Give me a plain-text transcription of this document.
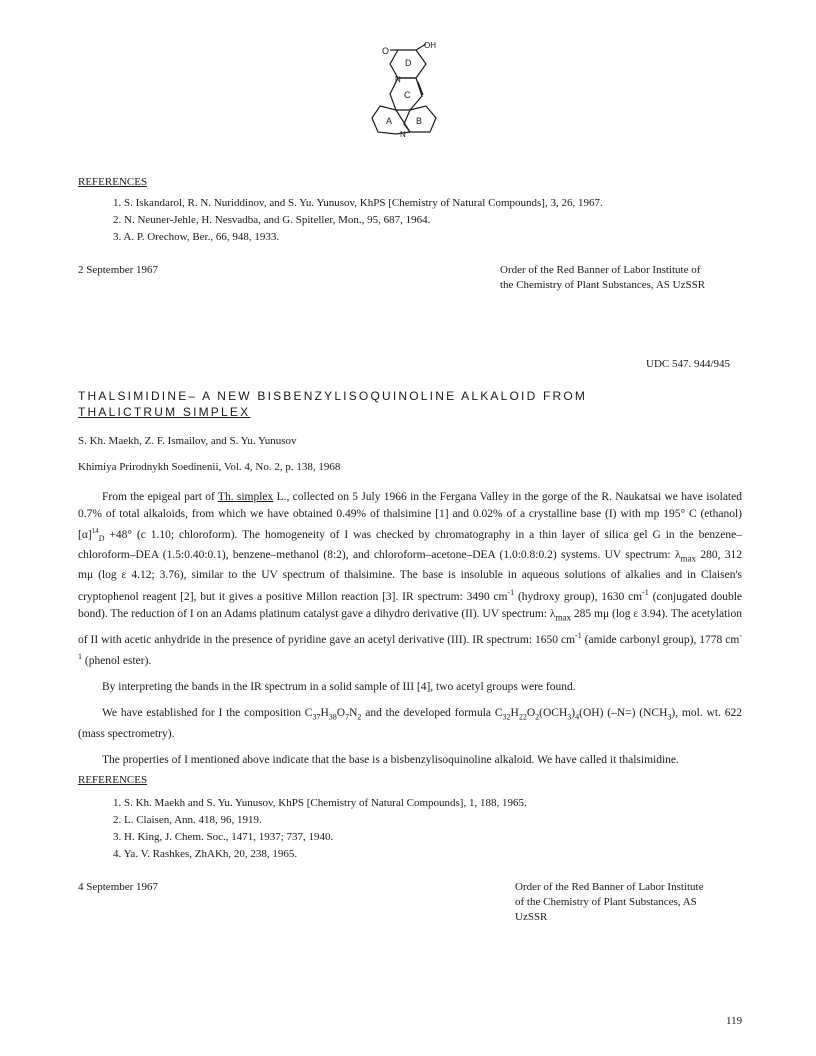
O
OH
N
D
C
A	B
N
REFERENCES
1. S. Iskandarol, R. N. Nuriddinov, and S. Yu. Yunusov, KhPS [Chemistry of Natural Compounds], 3, 26, 1967.
2. N. Neuner-Jehle, H. Nesvadba, and G. Spiteller, Mon., 95, 687, 1964.
3. A. P. Orechow, Ber., 66, 948, 1933.
2 September 1967	Order of the Red Banner of Labor Institute of
the Chemistry of Plant Substances, AS UzSSR
UDC 547. 944/945
THALSIMIDINE– A NEW BISBENZYLISOQUINOLINE ALKALOID FROM
THALICTRUM SIMPLEX
S. Kh. Maekh, Z. F. Ismailov, and S. Yu. Yunusov
Khimiya Prirodnykh Soedinenii, Vol. 4, No. 2, p. 138, 1968

From the epigeal part of Th. simplex L., collected on 5 July 1966 in the Fergana Valley in the gorge of the R. Naukatsai we have isolated 0.7% of total alkaloids, from which we have obtained 0.49% of thalsimine [1] and 0.02% of a crystalline base (I) with mp 195° C (ethanol) $[\alpha]^{14}_D +48^\circ$ (c 1.10; chloroform). The homogeneity of I was checked by chromatography in a thin layer of silica gel G in the benzene–chloroform–DEA (1.5:0.40:0.1), benzene–methanol (8:2), and chloroform–acetone–DEA (1.0:0.8:0.2) systems. UV spectrum: $\lambda_{max}$ 280, 312 mμ (log ε 4.12; 3.76), similar to the UV spectrum of thalsimine. The base is insoluble in aqueous solutions of alkalies and in Claisen's cryptophenol reagent [2], but it gives a positive Millon reaction [3]. IR spectrum: 3490 $cm^{-1}$ (hydroxy group), 1630 $cm^{-1}$ (conjugated double bond). The reduction of I on an Adams platinum catalyst gave a dihydro derivative (II). UV spectrum: $\lambda_{max}$ 285 mμ (log ε 3.94). The acetylation of II with acetic anhydride in the presence of pyridine gave an acetyl derivative (III). IR spectrum: 1650 $cm^{-1}$ (amide carbonyl group), 1778 $cm^{-1}$ (phenol ester).

By interpreting the bands in the IR spectrum in a solid sample of III [4], two acetyl groups were found.

We have established for I the composition $C_{37}H_{38}O_7N_2$ and the developed formula $C_{32}H_{22}O_2(OCH_3)_4(OH)$ (–N=) $(NCH_3)$, mol. wt. 622 (mass spectrometry).

The properties of I mentioned above indicate that the base is a bisbenzylisoquinoline alkaloid. We have called it thalsimidine.

REFERENCES
1. S. Kh. Maekh and S. Yu. Yunusov, KhPS [Chemistry of Natural Compounds], 1, 188, 1965.
2. L. Claisen, Ann. 418, 96, 1919.
3. H. King, J. Chem. Soc., 1471, 1937; 737, 1940.
4. Ya. V. Rashkes, ZhAKh, 20, 238, 1965.
4 September 1967	Order of the Red Banner of Labor Institute
of the Chemistry of Plant Substances, AS
UzSSR
119
